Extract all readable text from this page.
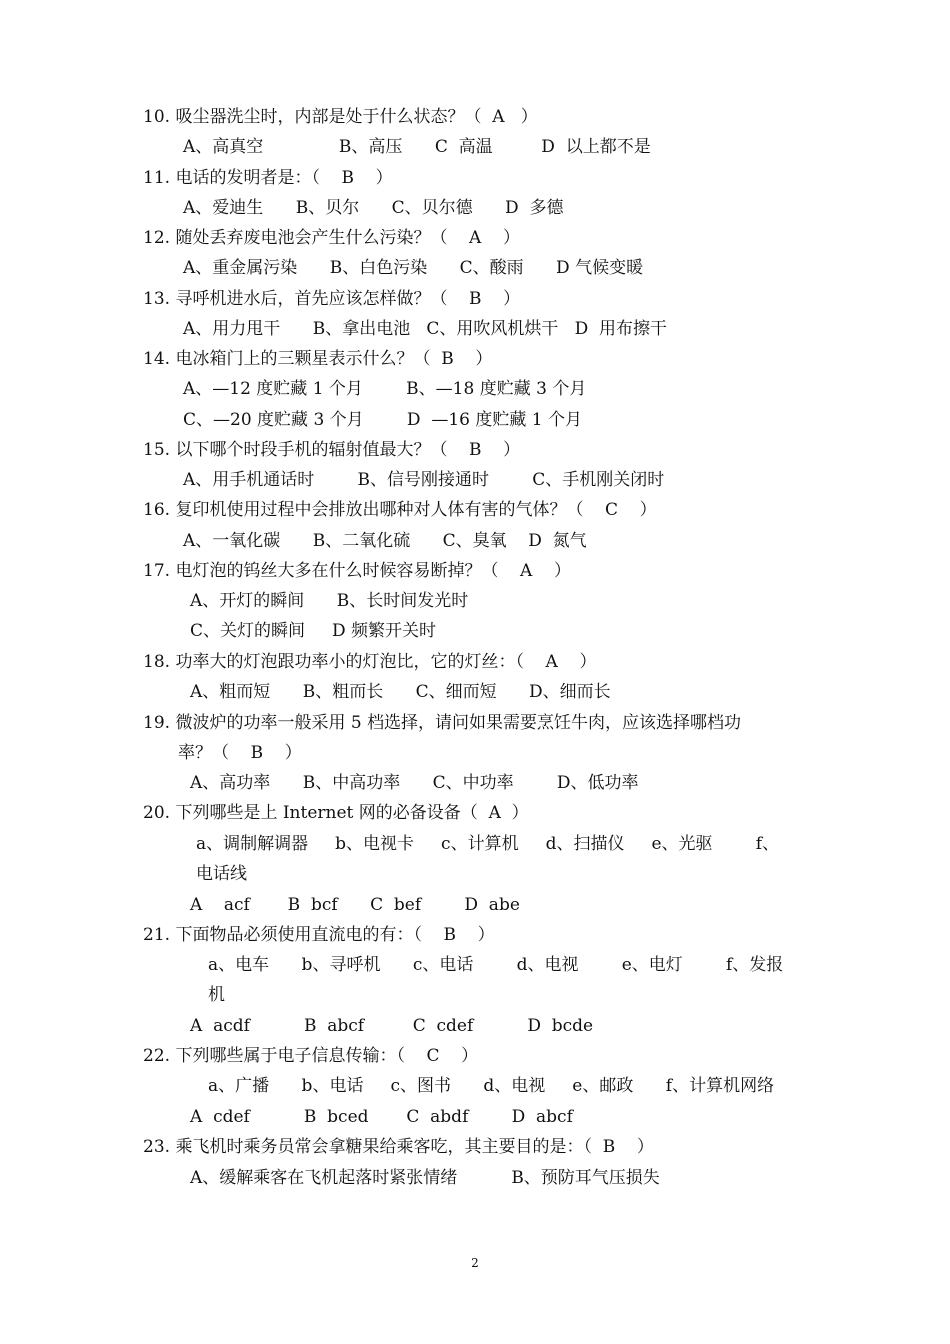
10. 吸尘器洗尘时，内部是处于什么状态？（  A   ）
A、高真空              B、高压      C  高温         D  以上都不是
11. 电话的发明者是：（    B    ）
A、爱迪生      B、贝尔      C、贝尔德      D  多德
12. 随处丢弃废电池会产生什么污染？（    A    ）
A、重金属污染      B、白色污染      C、酸雨      D 气候变暖
13. 寻呼机进水后，首先应该怎样做？（    B    ）
A、用力甩干      B、拿出电池   C、用吹风机烘干   D  用布擦干
14. 电冰箱门上的三颗星表示什么？（  B    ）
A、—12 度贮藏 1 个月        B、—18 度贮藏 3 个月
C、—20 度贮藏 3 个月        D  —16 度贮藏 1 个月
15. 以下哪个时段手机的辐射值最大？（    B    ）
A、用手机通话时        B、信号刚接通时        C、手机刚关闭时
16. 复印机使用过程中会排放出哪种对人体有害的气体？（    C    ）
A、一氧化碳      B、二氧化硫      C、臭氧    D  氮气
17. 电灯泡的钨丝大多在什么时候容易断掉？（    A    ）
A、开灯的瞬间      B、长时间发光时
C、关灯的瞬间     D 频繁开关时
18. 功率大的灯泡跟功率小的灯泡比，它的灯丝：（    A    ）
A、粗而短      B、粗而长      C、细而短      D、细而长
19. 微波炉的功率一般采用 5 档选择，请问如果需要烹饪牛肉，应该选择哪档功
率？（    B    ）
A、高功率      B、中高功率      C、中功率        D、低功率
20. 下列哪些是上 Internet 网的必备设备（  A  ）
a、调制解调器     b、电视卡     c、计算机     d、扫描仪     e、光驱        f、
电话线
A    acf       B  bcf      C  bef        D  abe
21. 下面物品必须使用直流电的有：（    B    ）
a、电车      b、寻呼机      c、电话        d、电视        e、电灯        f、发报
机
A  acdf          B  abcf         C  cdef          D  bcde
22. 下列哪些属于电子信息传输：（    C    ）
a、广播      b、电话     c、图书      d、电视     e、邮政      f、计算机网络
A  cdef          B  bced       C  abdf        D  abcf
23. 乘飞机时乘务员常会拿糖果给乘客吃，其主要目的是：（  B    ）
A、缓解乘客在飞机起落时紧张情绪          B、预防耳气压损失
2
